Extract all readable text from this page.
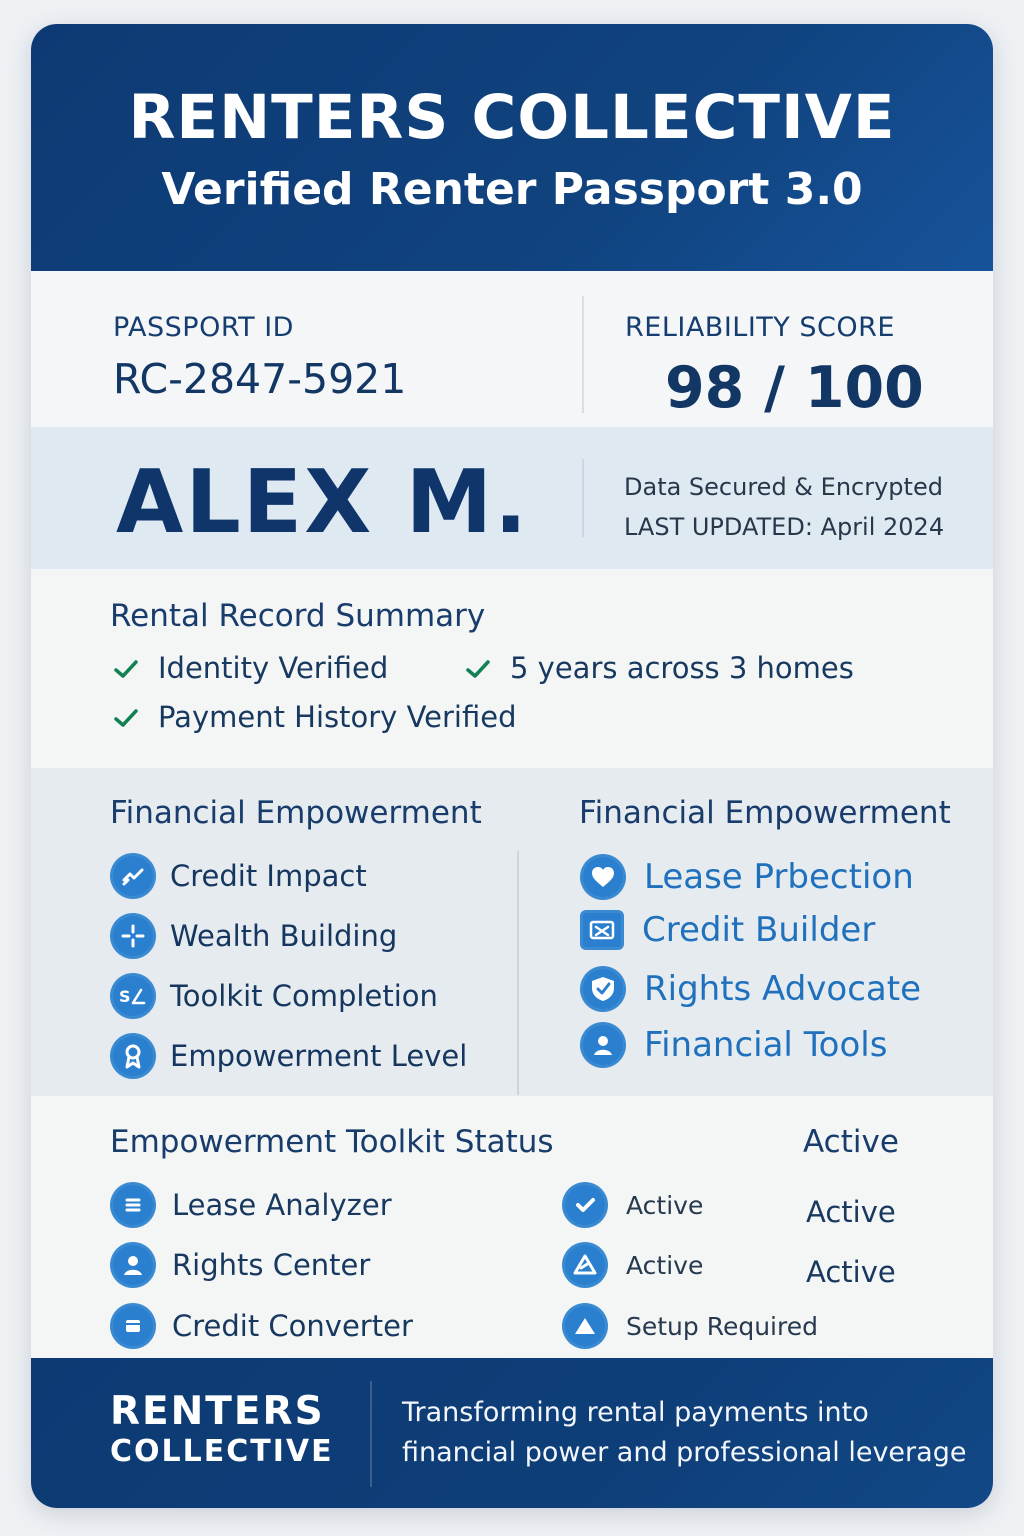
RENTERS COLLECTIVE
Verified Renter Passport 3.0
PASSPORT ID
RC-2847-5921
RELIABILITY SCORE
98 / 100
ALEX M.	Data Secured & Encrypted
LAST UPDATED: April 2024
Rental Record Summary
Identity Verified	5 years across 3 homes
Payment History Verified
Financial Empowerment	Financial Empowerment
Credit Impact
Wealth Building
S Toolkit Completion
Empowerment Level
Lease Prbection
Credit Builder
Rights Advocate
Financial Tools
Empowerment Toolkit Status	Active
Lease Analyzer	Active	Active
Rights Center	Active	Active
Credit Converter	Setup Required
RENTERS
COLLECTIVE
Transforming rental payments into
financial power and professional leverage
